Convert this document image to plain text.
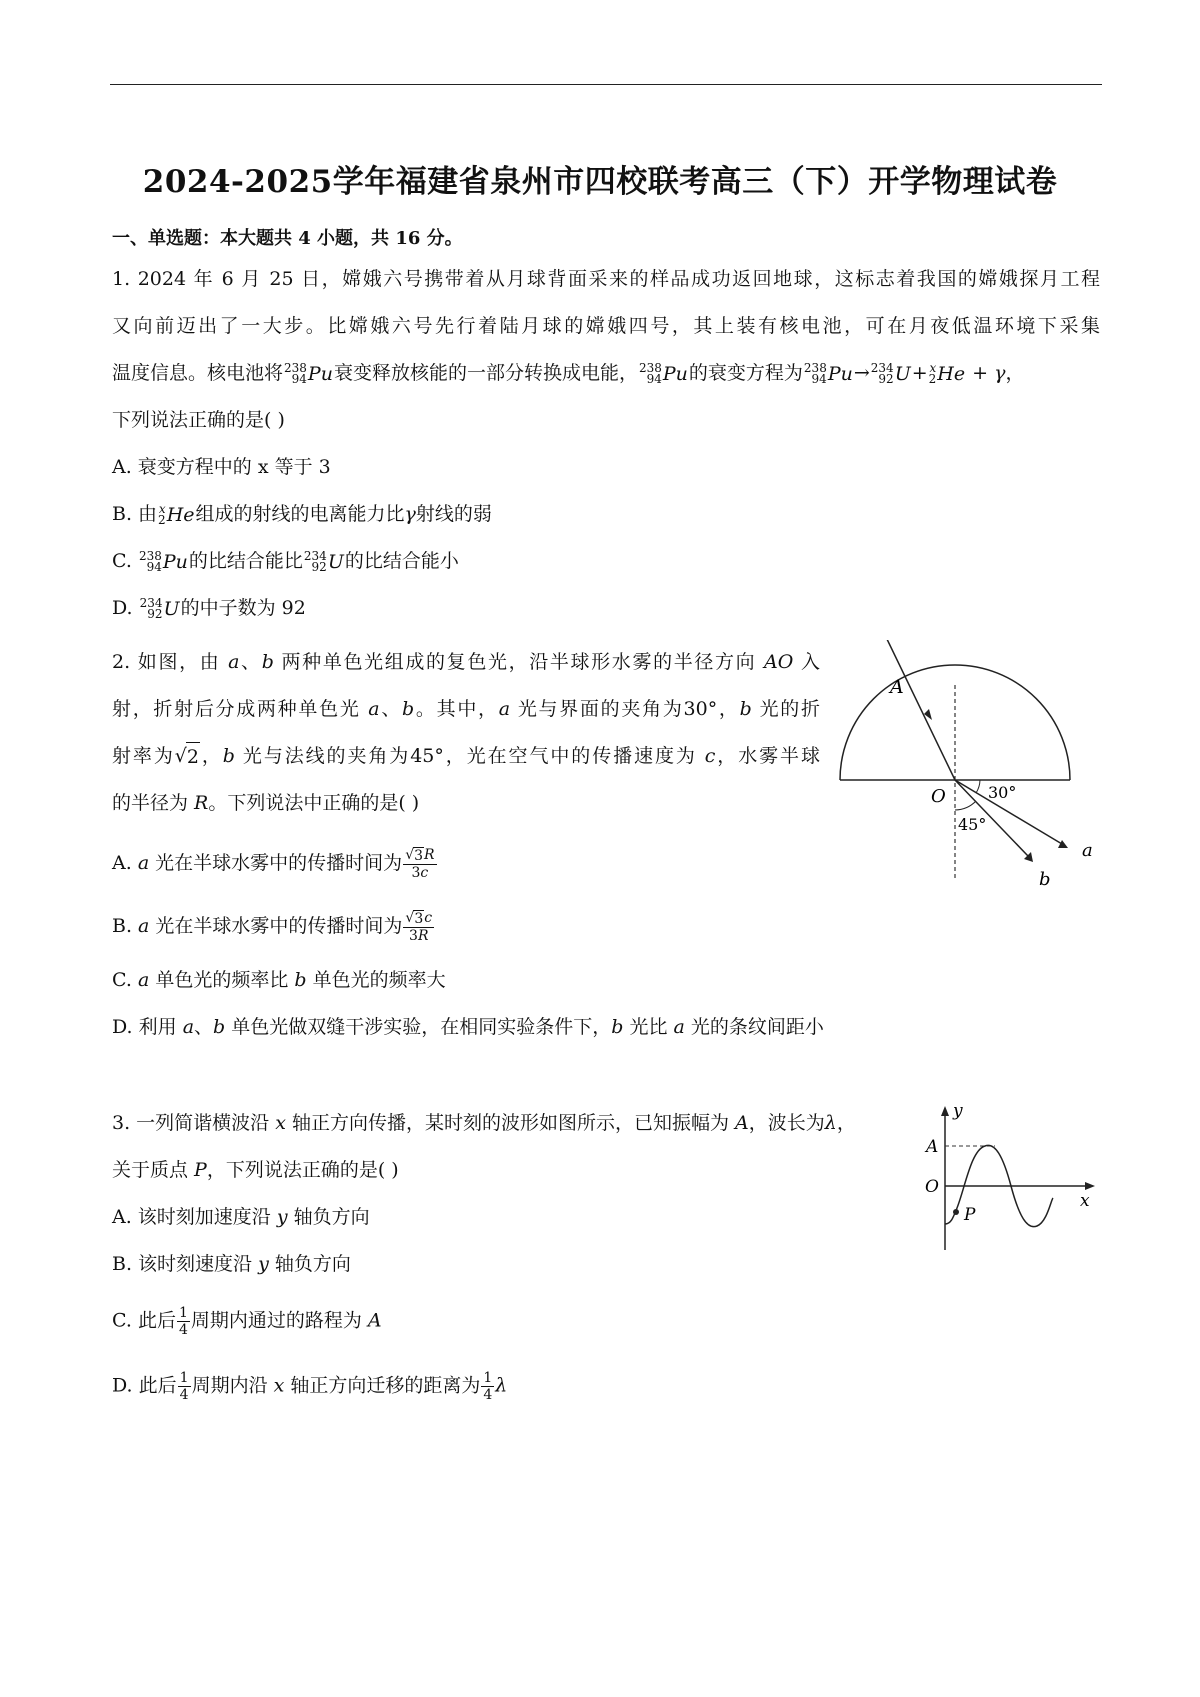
2024-2025学年福建省泉州市四校联考高三（下）开学物理试卷
一、单选题：本大题共 4 小题，共 16 分。
1. 2024 年 6 月 25 日，嫦娥六号携带着从月球背面采来的样品成功返回地球，这标志着我国的嫦娥探月工程
又向前迈出了一大步。比嫦娥六号先行着陆月球的嫦娥四号，其上装有核电池，可在月夜低温环境下采集
温度信息。核电池将 238
94 Pu 衰变释放核能的一部分转换成电能， 238
94 Pu 的衰变方程为 238
94 Pu → 234
92 U + x
2 He + γ，
下列说法正确的是( )
A. 衰变方程中的 x 等于 3
B. 由 x
2 He 组成的射线的电离能力比γ射线的弱
C. 238
94 Pu 的比结合能比 234
92 U 的比结合能小
D. 234
92 U 的中子数为 92
2. 如图，由 a、b 两种单色光组成的复色光，沿半球形水雾的半径方向 AO 入
射，折射后分成两种单色光 a、b。其中，a 光与界面的夹角为30°，b 光的折
射率为 √ 2 ，b 光与法线的夹角为45°，光在空气中的传播速度为 c，水雾半球
的半径为 R。下列说法中正确的是( )
A. a 光在半球水雾中的传播时间为 $\frac{√ 3 R}{3c}$
B. a 光在半球水雾中的传播时间为 $\frac{√ 3 c}{3R}$
C. a 单色光的频率比 b 单色光的频率大
D. 利用 a、b 单色光做双缝干涉实验，在相同实验条件下，b 光比 a 光的条纹间距小
A
O	30°
45°
a
b
3. 一列简谐横波沿 x 轴正方向传播，某时刻的波形如图所示，已知振幅为 A，波长为λ，
关于质点 P，下列说法正确的是( )
A. 该时刻加速度沿 y 轴负方向
B. 该时刻速度沿 y 轴负方向
C. 此后 $\frac{1}{4}$ 周期内通过的路程为 A
D. 此后 $\frac{1}{4}$ 周期内沿 x 轴正方向迁移的距离为 $\frac{1}{4}$ λ
y
x
A
O
P
